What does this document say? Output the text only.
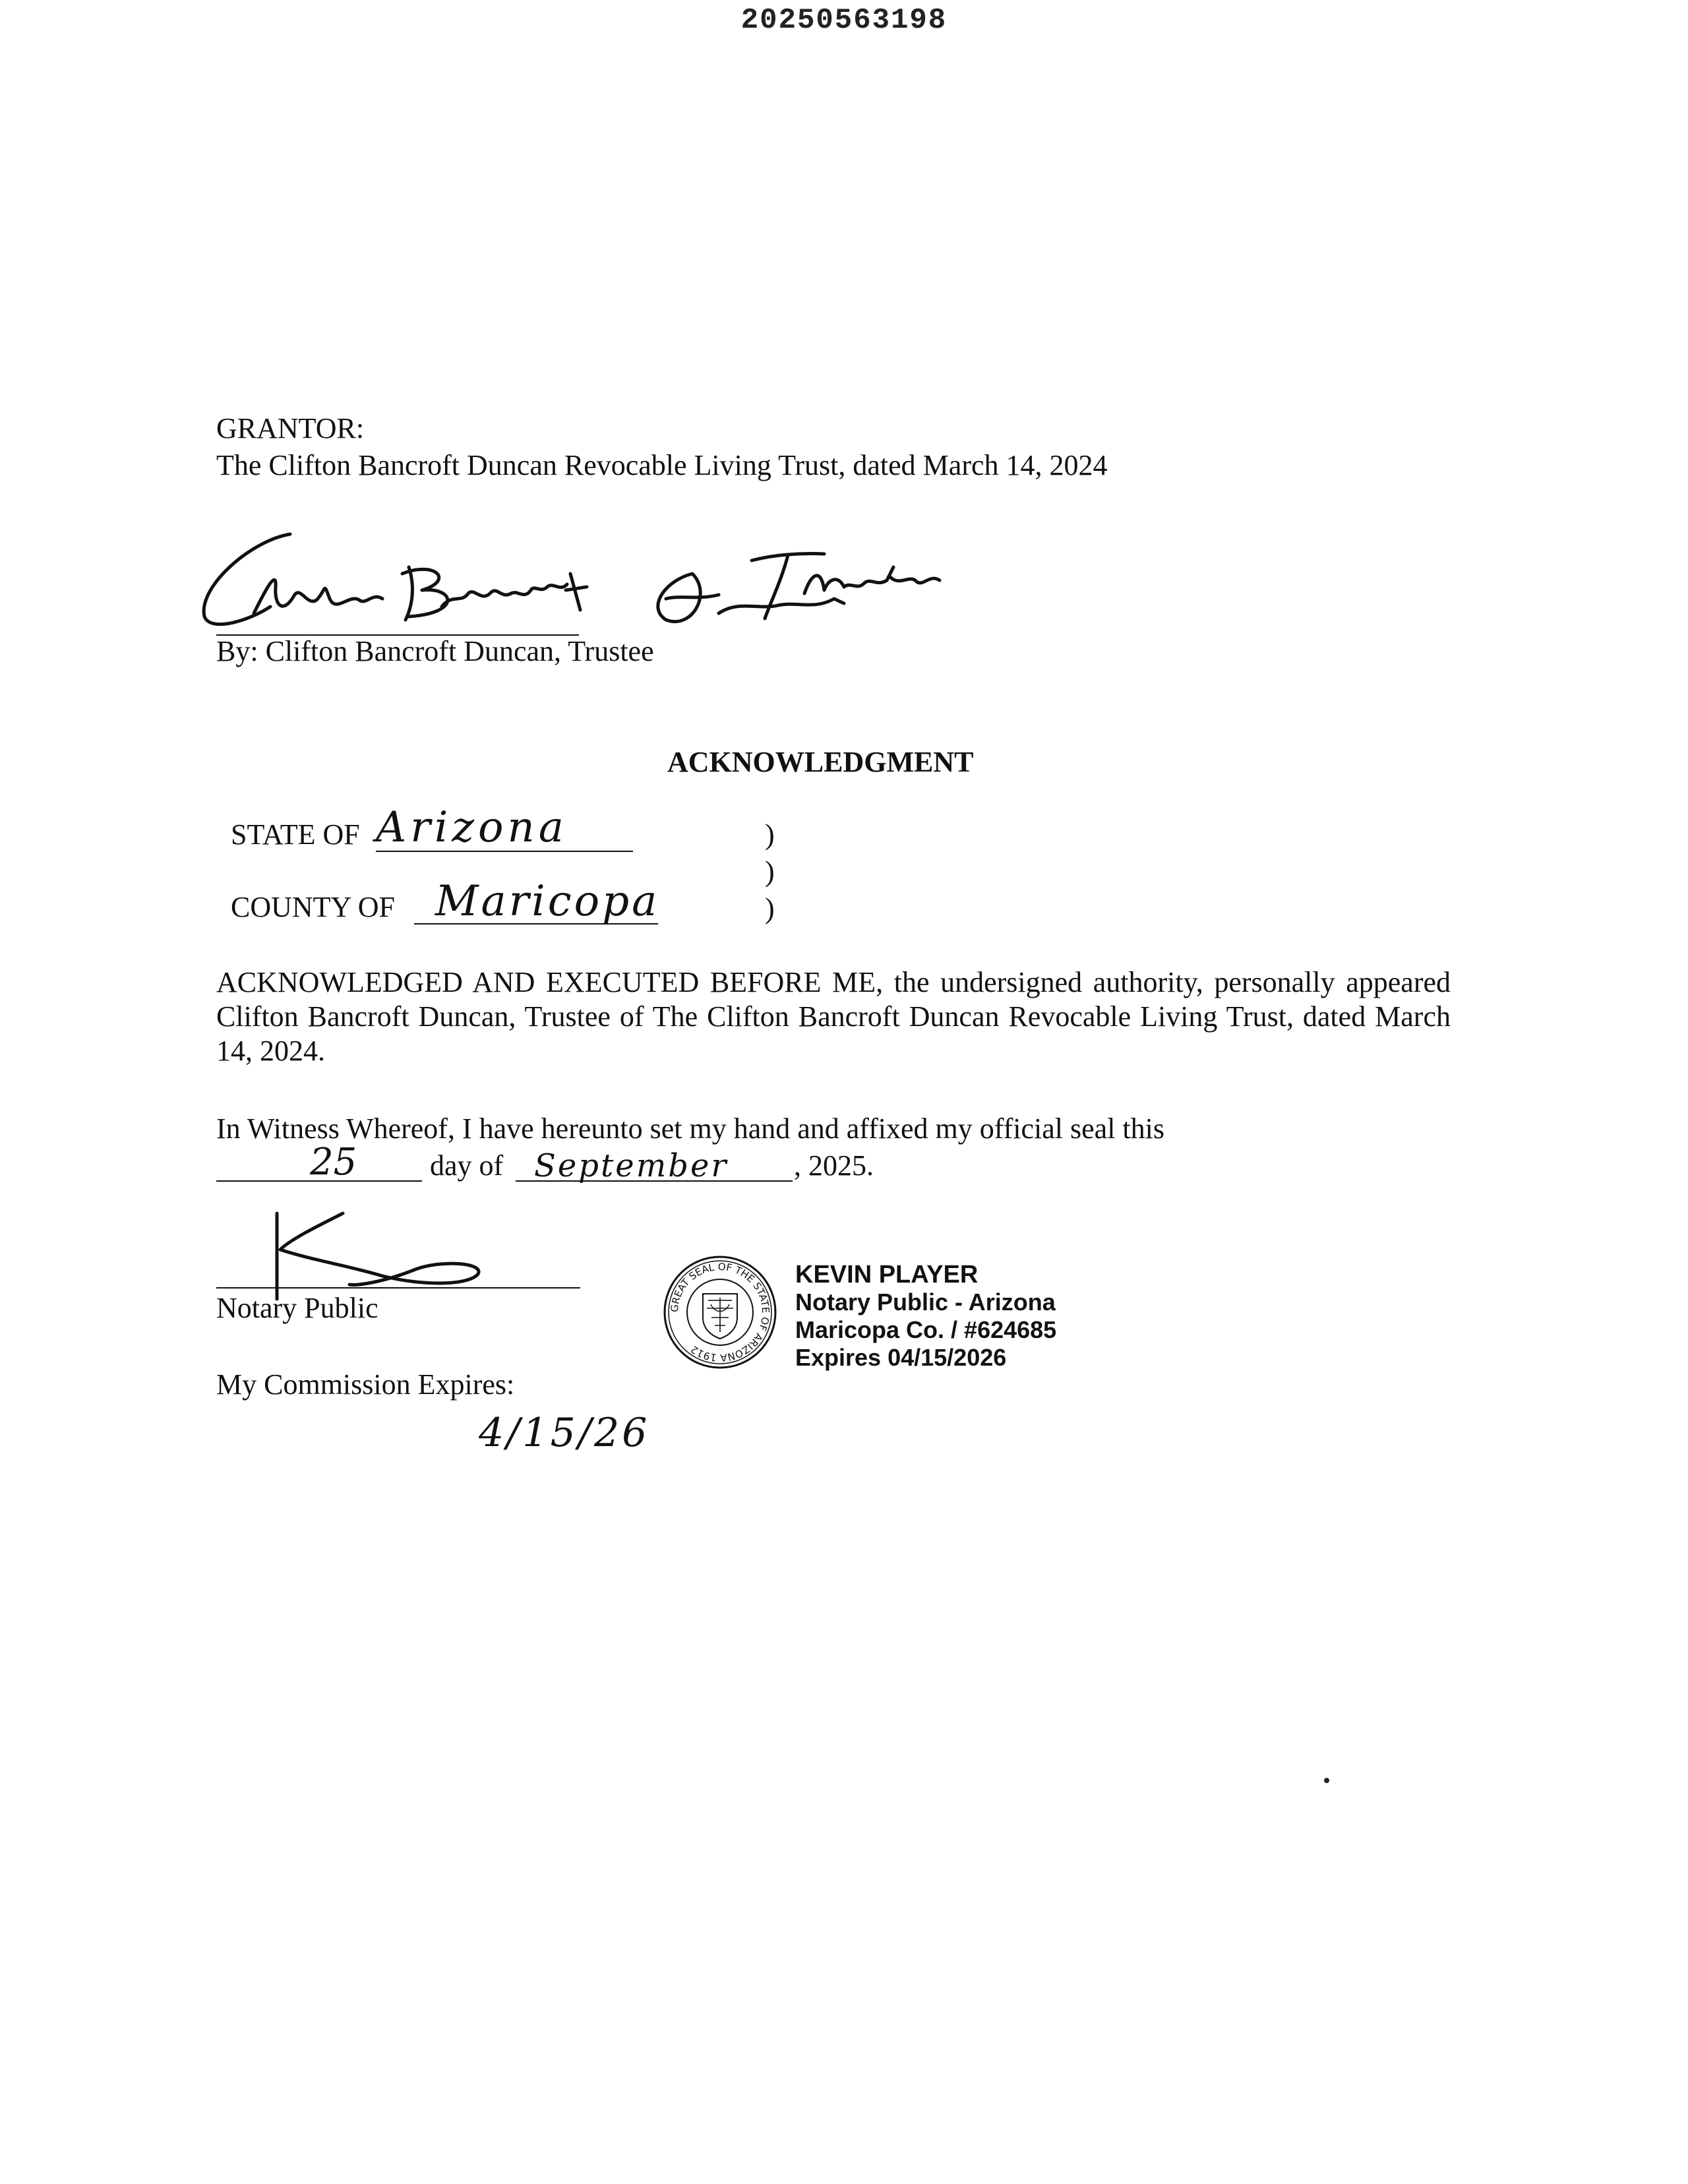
20250563198
GRANTOR:
The Clifton Bancroft Duncan Revocable Living Trust, dated March 14, 2024
By: Clifton Bancroft Duncan, Trustee
ACKNOWLEDGMENT
STATE OF Arizona
COUNTY OF Maricopa
)
)
)
ACKNOWLEDGED AND EXECUTED BEFORE ME, the undersigned authority, personally appeared Clifton Bancroft Duncan, Trustee of The Clifton Bancroft Duncan Revocable Living Trust, dated March 14, 2024.
In Witness Whereof, I have hereunto set my hand and affixed my official seal this
25	day of September , 2025.
Notary Public	GREAT SEAL OF THE STATE OF ARIZONA 1912
KEVIN PLAYER
Notary Public - Arizona
Maricopa Co. / #624685
Expires 04/15/2026
My Commission Expires:
4/15/26
